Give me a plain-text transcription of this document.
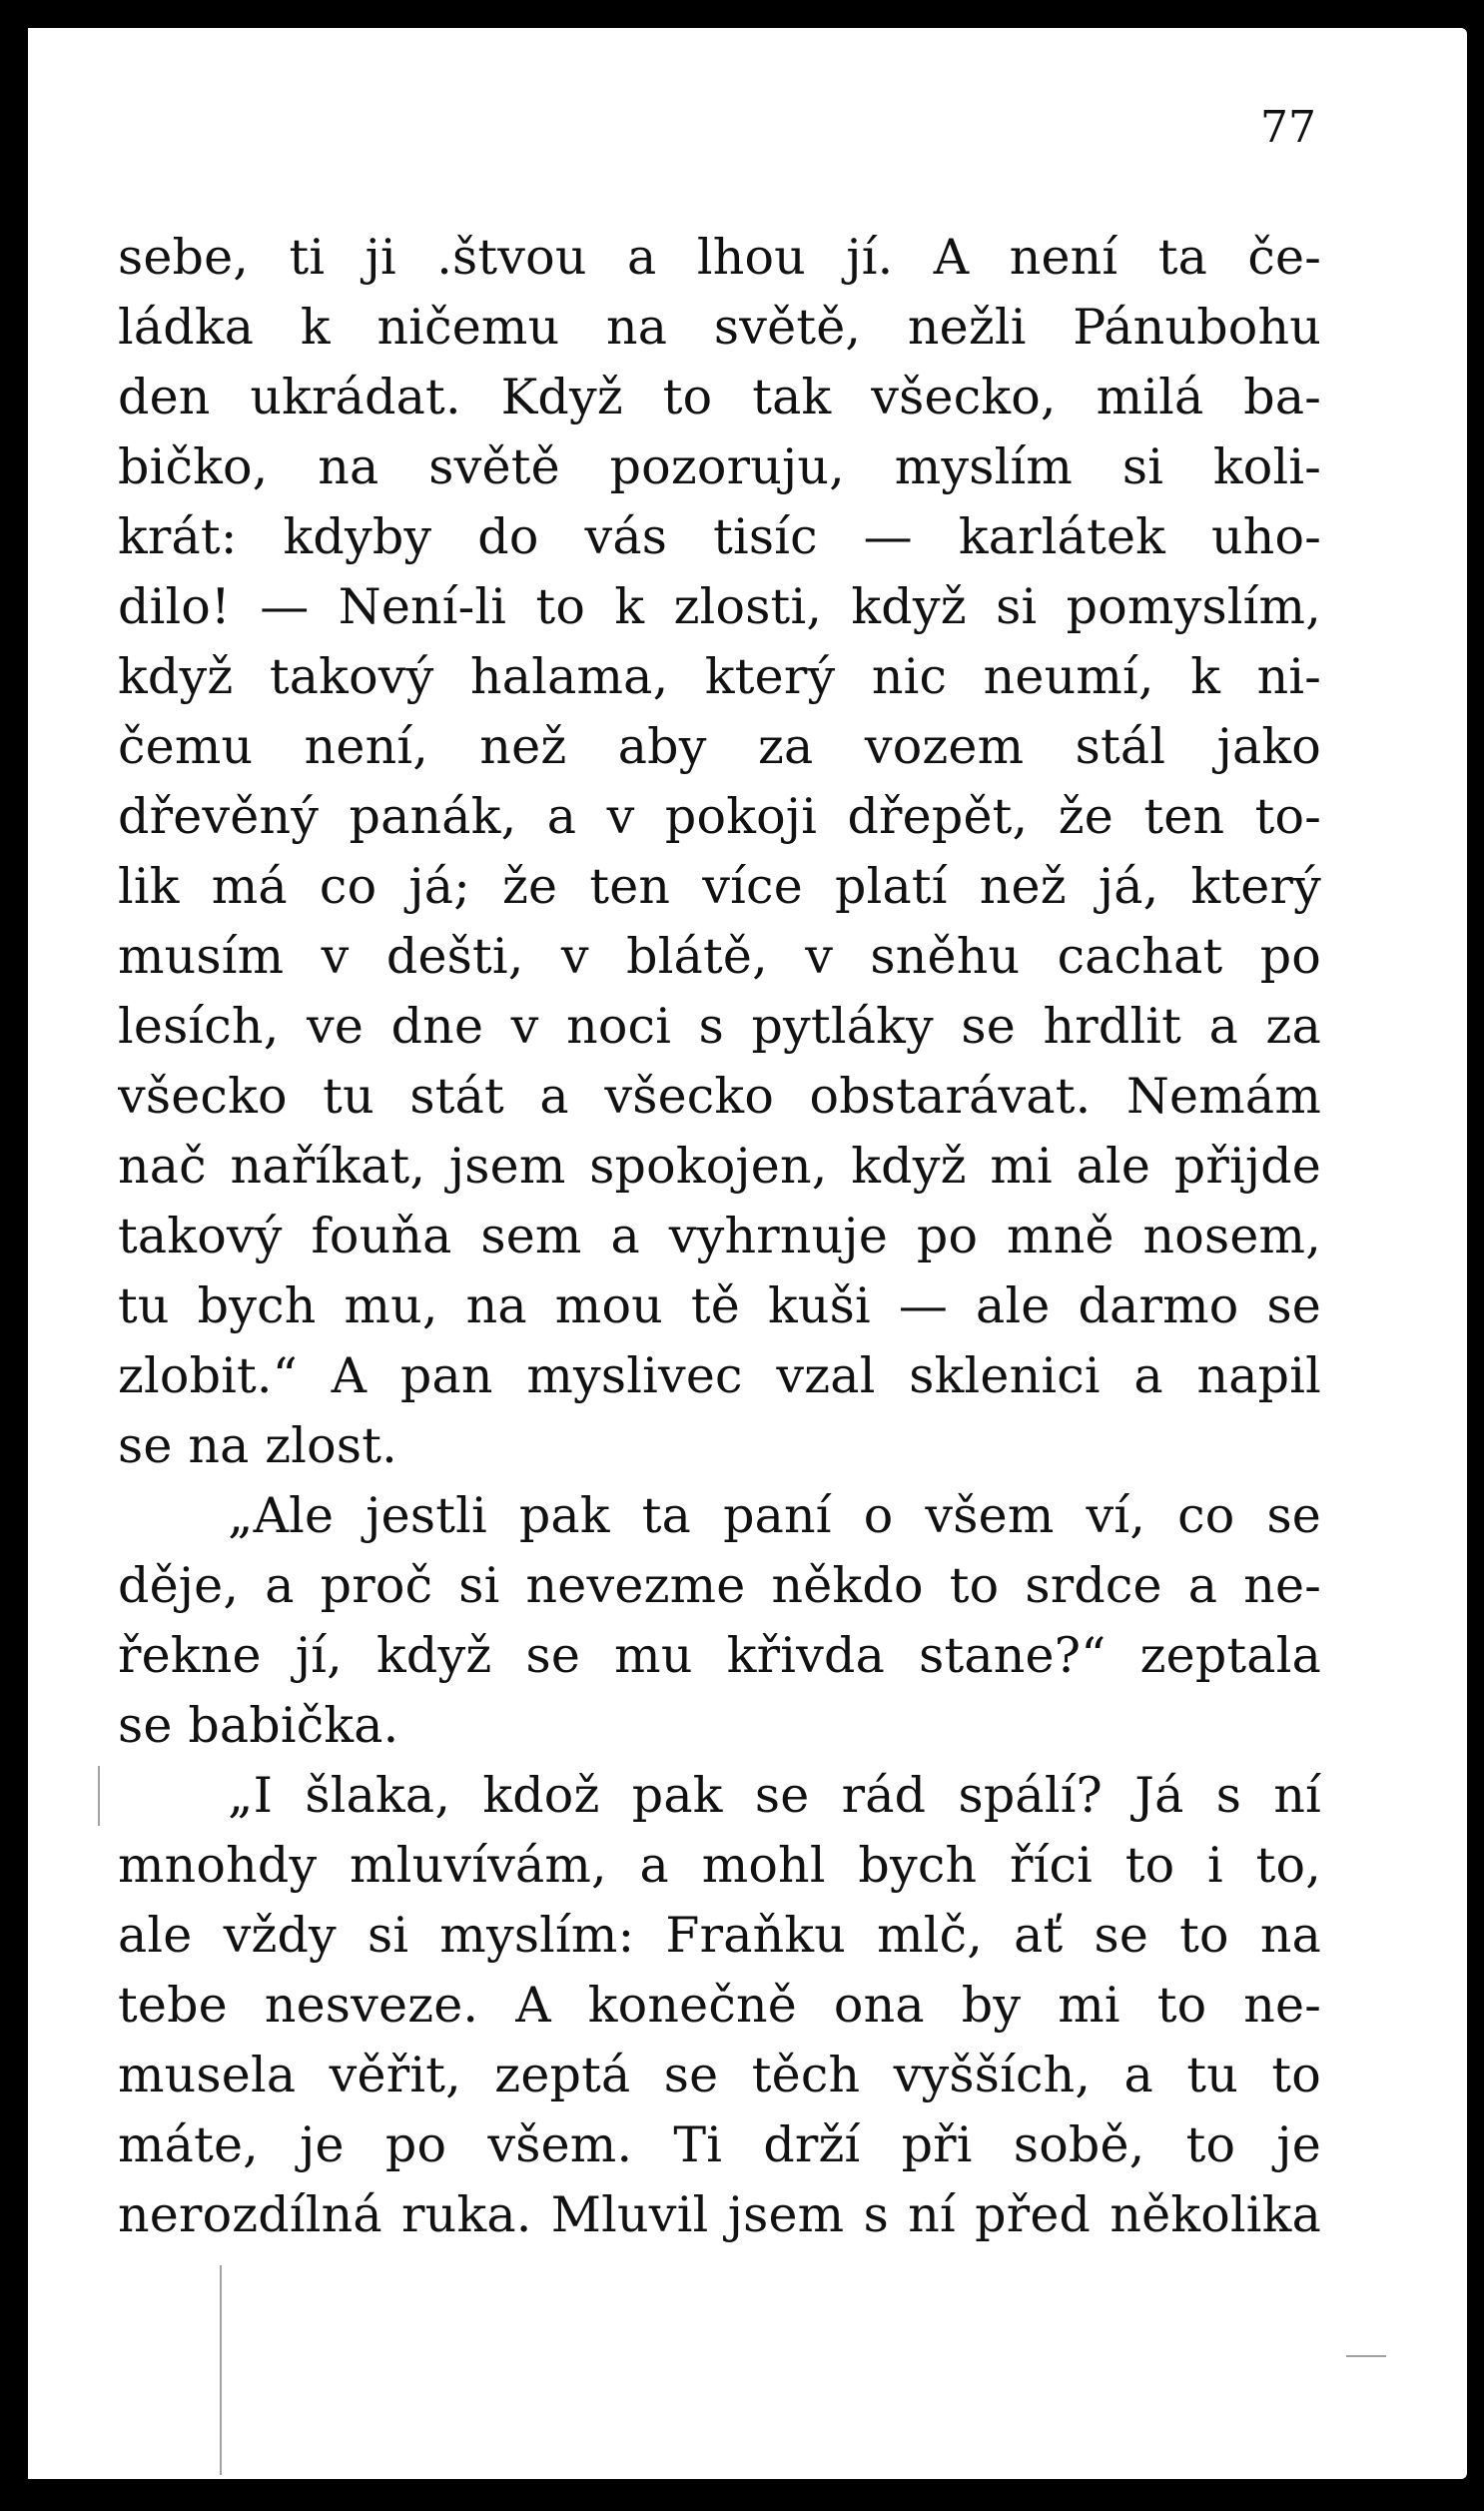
77

sebe, ti ji .štvou a lhou jí. A není ta če-
ládka k ničemu na světě, nežli Pánubohu
den ukrádat. Když to tak všecko, milá ba-
bičko, na světě pozoruju, myslím si koli-
krát: kdyby do vás tisíc — karlátek uho-
dilo! — Není-li to k zlosti, když si pomyslím,
když takový halama, který nic neumí, k ni-
čemu není, než aby za vozem stál jako
dřevěný panák, a v pokoji dřepět, že ten to-
lik má co já; že ten více platí než já, který
musím v dešti, v blátě, v sněhu cachat po
lesích, ve dne v noci s pytláky se hrdlit a za
všecko tu stát a všecko obstarávat. Nemám
nač naříkat, jsem spokojen, když mi ale přijde
takový fouňa sem a vyhrnuje po mně nosem,
tu bych mu, na mou tě kuši — ale darmo se
zlobit.“ A pan myslivec vzal sklenici a napil
se na zlost.
„Ale jestli pak ta paní o všem ví, co se
děje, a proč si nevezme někdo to srdce a ne-
řekne jí, když se mu křivda stane?“ zeptala
se babička.
„I šlaka, kdož pak se rád spálí? Já s ní
mnohdy mluvívám, a mohl bych říci to i to,
ale vždy si myslím: Fraňku mlč, ať se to na
tebe nesveze. A konečně ona by mi to ne-
musela věřit, zeptá se těch vyšších, a tu to
máte, je po všem. Ti drží při sobě, to je
nerozdílná ruka. Mluvil jsem s ní před několika
